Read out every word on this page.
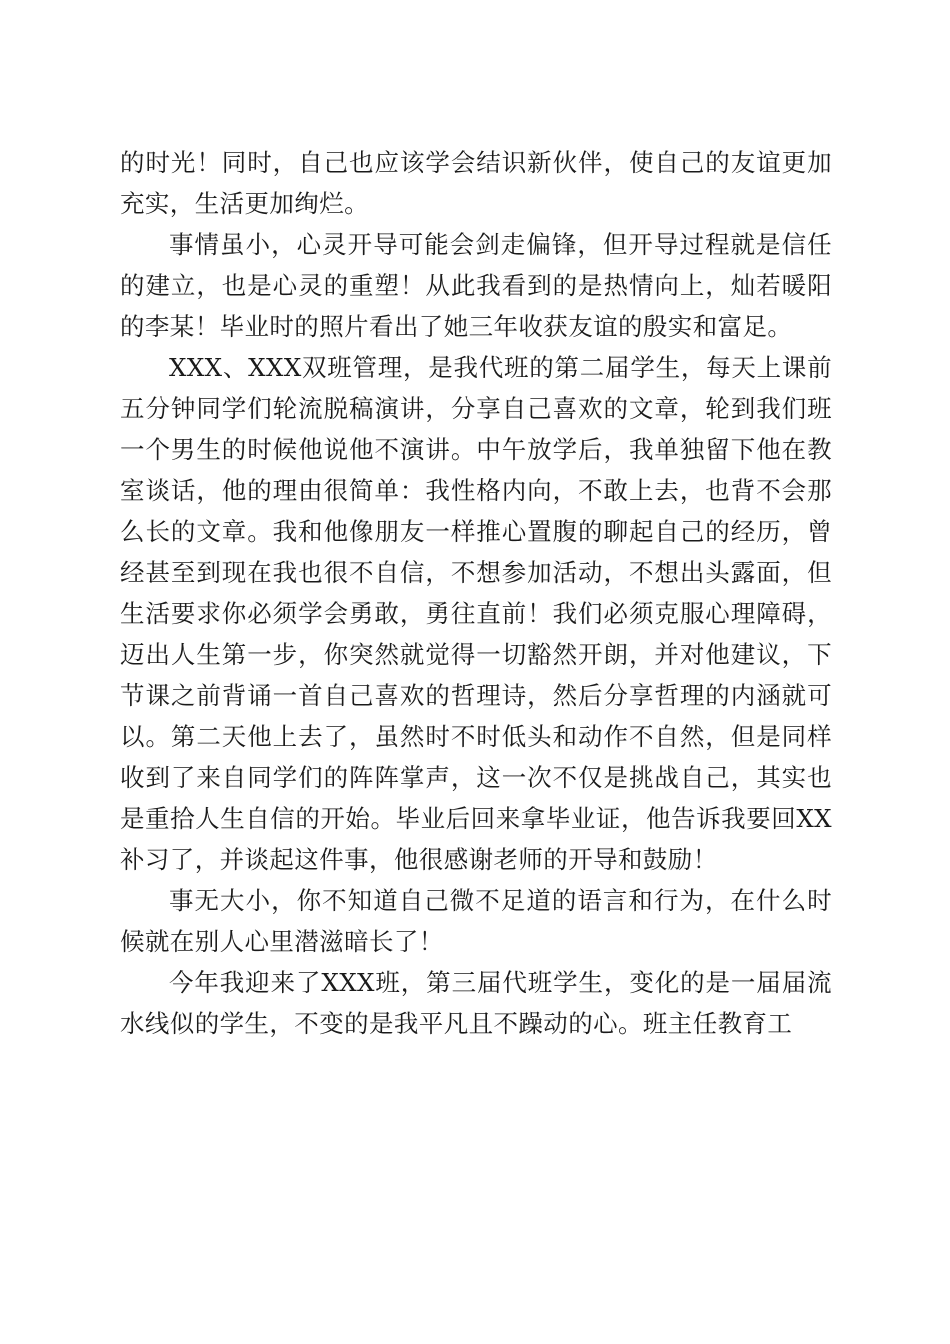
的时光！同时，自己也应该学会结识新伙伴，使自己的友谊更加充实，生活更加绚烂。

事情虽小，心灵开导可能会剑走偏锋，但开导过程就是信任的建立，也是心灵的重塑！从此我看到的是热情向上，灿若暖阳的李某！毕业时的照片看出了她三年收获友谊的殷实和富足。

XXX、XXX双班管理，是我代班的第二届学生，每天上课前五分钟同学们轮流脱稿演讲，分享自己喜欢的文章，轮到我们班一个男生的时候他说他不演讲。中午放学后，我单独留下他在教室谈话，他的理由很简单：我性格内向，不敢上去，也背不会那么长的文章。我和他像朋友一样推心置腹的聊起自己的经历，曾经甚至到现在我也很不自信，不想参加活动，不想出头露面，但生活要求你必须学会勇敢，勇往直前！我们必须克服心理障碍，迈出人生第一步，你突然就觉得一切豁然开朗，并对他建议，下节课之前背诵一首自己喜欢的哲理诗，然后分享哲理的内涵就可以。第二天他上去了，虽然时不时低头和动作不自然，但是同样收到了来自同学们的阵阵掌声，这一次不仅是挑战自己，其实也是重拾人生自信的开始。毕业后回来拿毕业证，他告诉我要回XX补习了，并谈起这件事，他很感谢老师的开导和鼓励！

事无大小，你不知道自己微不足道的语言和行为，在什么时候就在别人心里潜滋暗长了！

今年我迎来了XXX班，第三届代班学生，变化的是一届届流水线似的学生，不变的是我平凡且不躁动的心。班主任教育工
